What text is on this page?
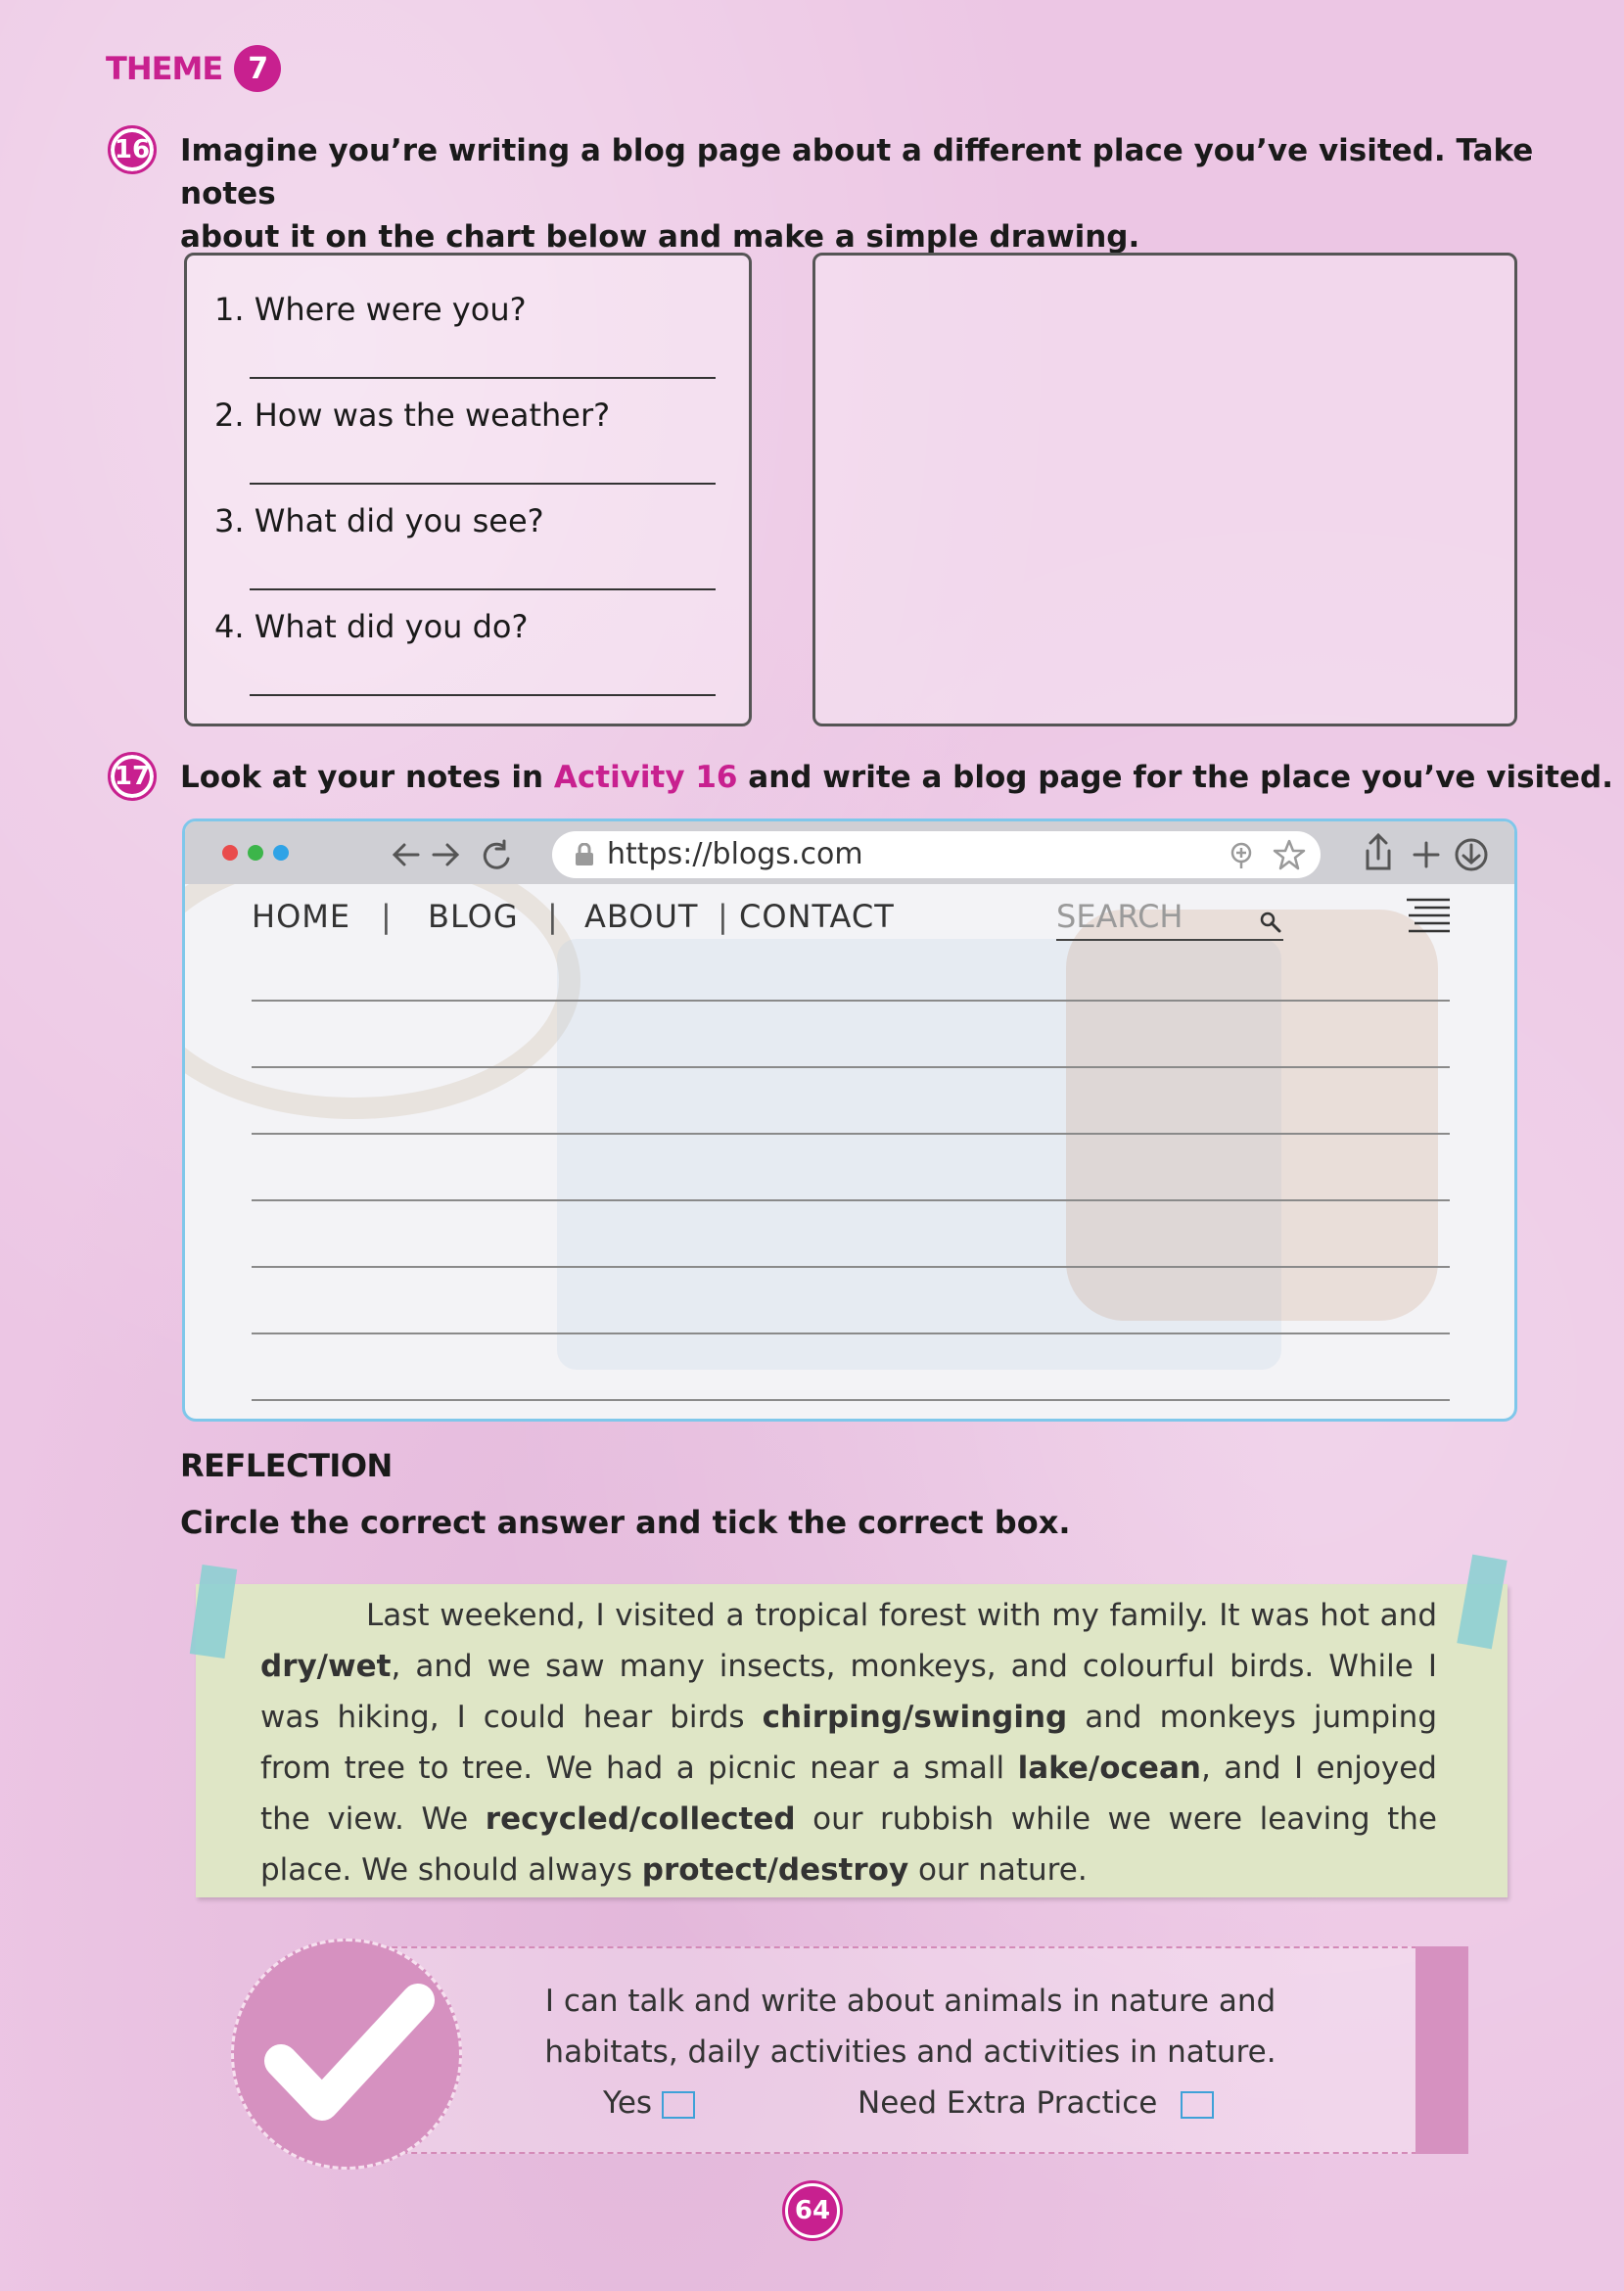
THEME 7
16 Imagine you’re writing a blog page about a different place you’ve visited. Take notes
about it on the chart below and make a simple drawing.
1. Where were you?
2. How was the weather?
3. What did you see?
4. What did you do?
17 Look at your notes in Activity 16 and write a blog page for the place you’ve visited.
https://blogs.com
HOME | BLOG | ABOUT | CONTACT	SEARCH
REFLECTION
Circle the correct answer and tick the correct box.

Last weekend, I visited a tropical forest with my family. It was hot and dry/wet, and we saw many insects, monkeys, and colourful birds. While I was hiking, I could hear birds chirping/swinging and monkeys jumping from tree to tree. We had a picnic near a small lake/ocean, and I enjoyed the view. We recycled/collected our rubbish while we were leaving the place. We should always protect/destroy our nature.

I can talk and write about animals in nature and
habitats, daily activities and activities in nature.
Yes	Need Extra Practice
64
